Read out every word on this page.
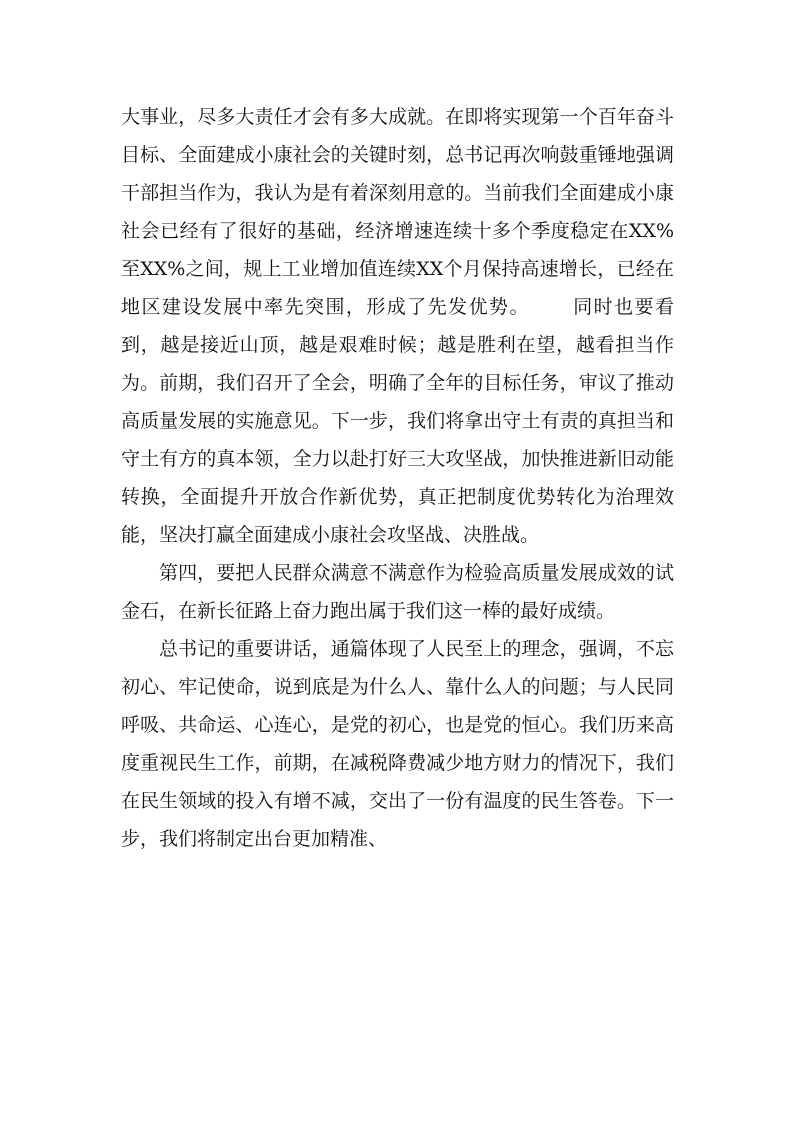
大事业，尽多大责任才会有多大成就。在即将实现第一个百年奋斗目标、全面建成小康社会的关键时刻，总书记再次响鼓重锤地强调干部担当作为，我认为是有着深刻用意的。当前我们全面建成小康社会已经有了很好的基础，经济增速连续十多个季度稳定在XX%至XX%之间，规上工业增加值连续XX个月保持高速增长，已经在地区建设发展中率先突围，形成了先发优势。 同时也要看到，越是接近山顶，越是艰难时候；越是胜利在望，越看担当作为。前期，我们召开了全会，明确了全年的目标任务，审议了推动高质量发展的实施意见。下一步，我们将拿出守土有责的真担当和守土有方的真本领，全力以赴打好三大攻坚战，加快推进新旧动能转换，全面提升开放合作新优势，真正把制度优势转化为治理效能，坚决打赢全面建成小康社会攻坚战、决胜战。

第四，要把人民群众满意不满意作为检验高质量发展成效的试金石，在新长征路上奋力跑出属于我们这一棒的最好成绩。

总书记的重要讲话，通篇体现了人民至上的理念，强调，不忘初心、牢记使命，说到底是为什么人、靠什么人的问题；与人民同呼吸、共命运、心连心，是党的初心，也是党的恒心。我们历来高度重视民生工作，前期，在减税降费减少地方财力的情况下，我们在民生领域的投入有增不减，交出了一份有温度的民生答卷。下一步，我们将制定出台更加精准、
